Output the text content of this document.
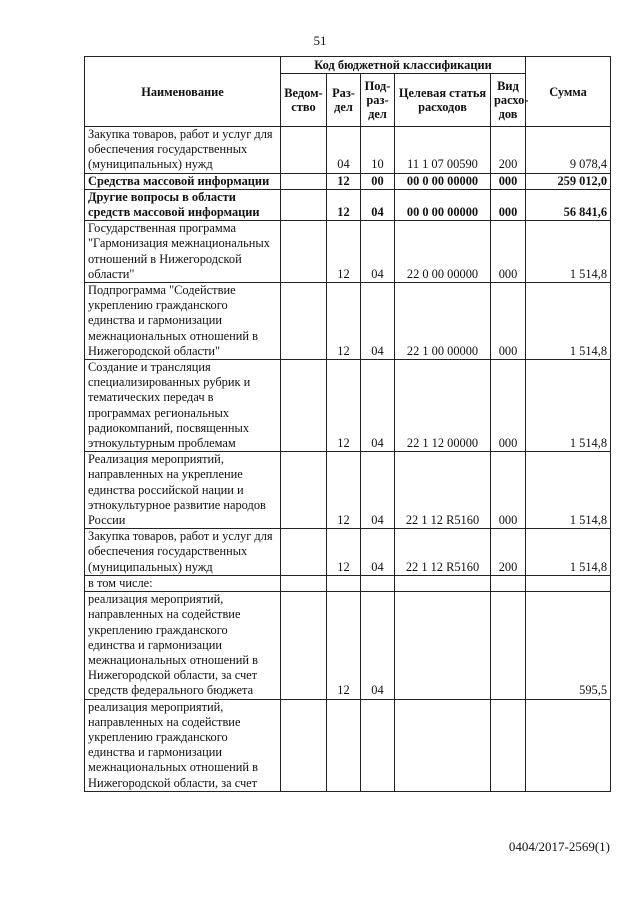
51
Наименование	Код бюджетной классификации					Сумма
	Ведом-ство	Раз-дел	Под-раз-дел	Целевая статья расходов	Вид расхо-дов	
Закупка товаров, работ и услуг для обеспечения государственных (муниципальных) нужд		04	10	11 1 07 00590	200	9 078,4
Средства массовой информации		12	00	00 0 00 00000	000	259 012,0
Другие вопросы в области средств массовой информации		12	04	00 0 00 00000	000	56 841,6
Государственная программа "Гармонизация межнациональных отношений в Нижегородской области"		12	04	22 0 00 00000	000	1 514,8
Подпрограмма "Содействие укреплению гражданского единства и гармонизации межнациональных отношений в Нижегородской области"		12	04	22 1 00 00000	000	1 514,8
Создание и трансляция специализированных рубрик и тематических передач в программах региональных радиокомпаний, посвященных этнокультурным проблемам		12	04	22 1 12 00000	000	1 514,8
Реализация мероприятий, направленных на укрепление единства российской нации и этнокультурное развитие народов России		12	04	22 1 12 R5160	000	1 514,8
Закупка товаров, работ и услуг для обеспечения государственных (муниципальных) нужд		12	04	22 1 12 R5160	200	1 514,8
в том числе:						
реализация мероприятий, направленных на содействие укреплению гражданского единства и гармонизации межнациональных отношений в Нижегородской области, за счет средств федерального бюджета		12	04			595,5
реализация мероприятий, направленных на содействие укреплению гражданского единства и гармонизации межнациональных отношений в Нижегородской области, за счет						
0404/2017-2569(1)
